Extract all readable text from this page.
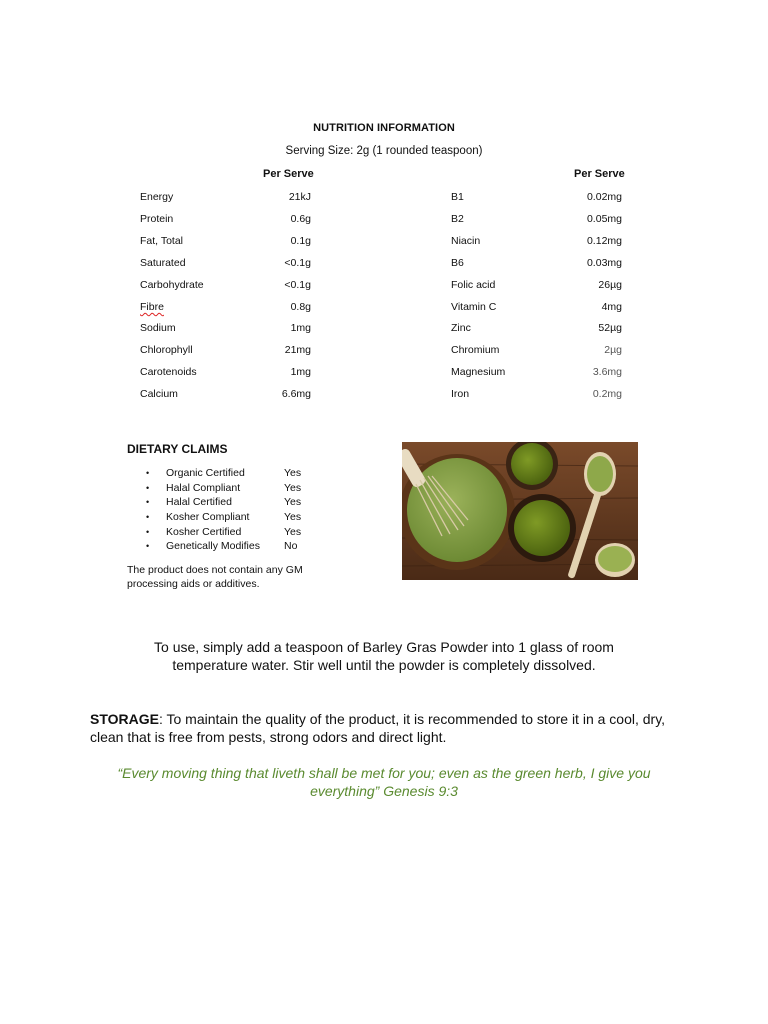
NUTRITION INFORMATION
Serving Size: 2g (1 rounded teaspoon)
Per Serve	Per Serve
Energy	21kJ
Protein	0.6g
Fat, Total	0.1g
Saturated	<0.1g
Carbohydrate	<0.1g
Fibre	0.8g
Sodium	1mg
Chlorophyll	21mg
Carotenoids	1mg
Calcium	6.6mg
B1	0.02mg
B2	0.05mg
Niacin	0.12mg
B6	0.03mg
Folic acid	26µg
Vitamin C	4mg
Zinc	52µg
Chromium	2µg
Magnesium	3.6mg
Iron	0.2mg
DIETARY CLAIMS
•	Organic Certified	Yes
•	Halal Compliant	Yes
•	Halal Certified	Yes
•	Kosher Compliant	Yes
•	Kosher Certified	Yes
•	Genetically Modifies	No
The product does not contain any GM processing aids or additives.
To use, simply add a teaspoon of Barley Gras Powder into 1 glass of room temperature water. Stir well until the powder is completely dissolved.
STORAGE: To maintain the quality of the product, it is recommended to store it in a cool, dry, clean that is free from pests, strong odors and direct light.
“Every moving thing that liveth shall be met for you; even as the green herb, I give you everything” Genesis 9:3
